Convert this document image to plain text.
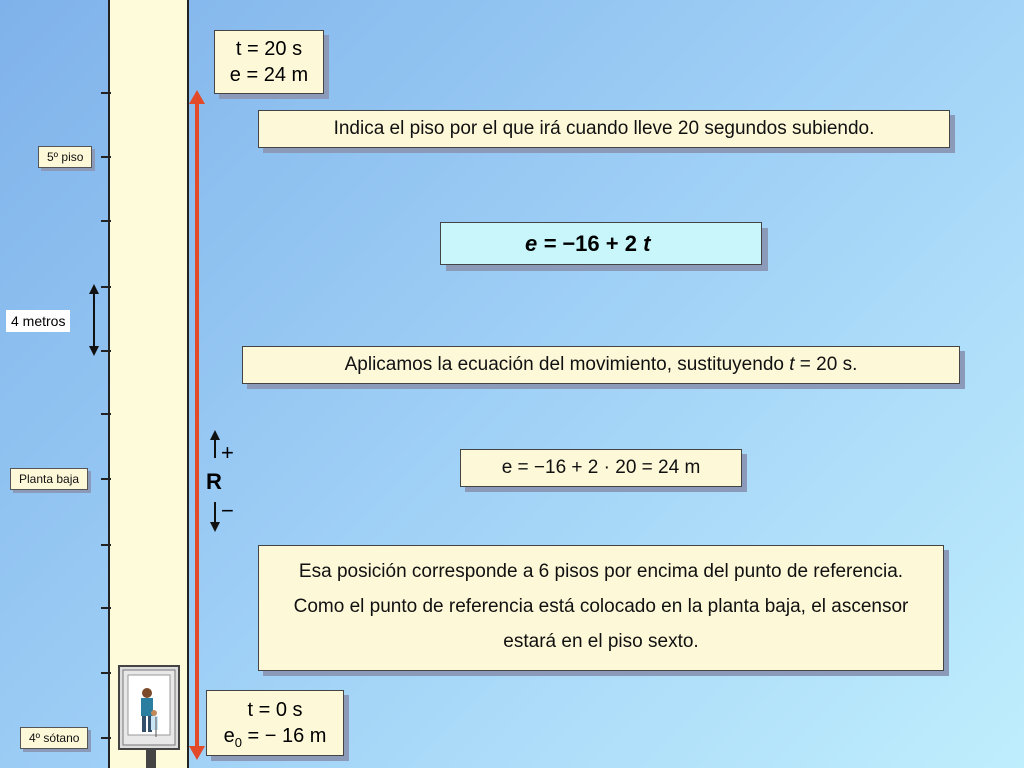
5º piso
Planta baja
4º sótano
4 metros
t = 20 s
e = 24 m
t = 0 s
$e_0$ = − 16 m
Indica el piso por el que irá cuando lleve 20 segundos subiendo.
e = −16 + 2 t
Aplicamos la ecuación del movimiento, sustituyendo t = 20 s.
e = −16 + 2 · 20 = 24 m
Esa posición corresponde a 6 pisos por encima del punto de referencia. Como el punto de referencia está colocado en la planta baja, el ascensor estará en el piso sexto.
R
+
−
